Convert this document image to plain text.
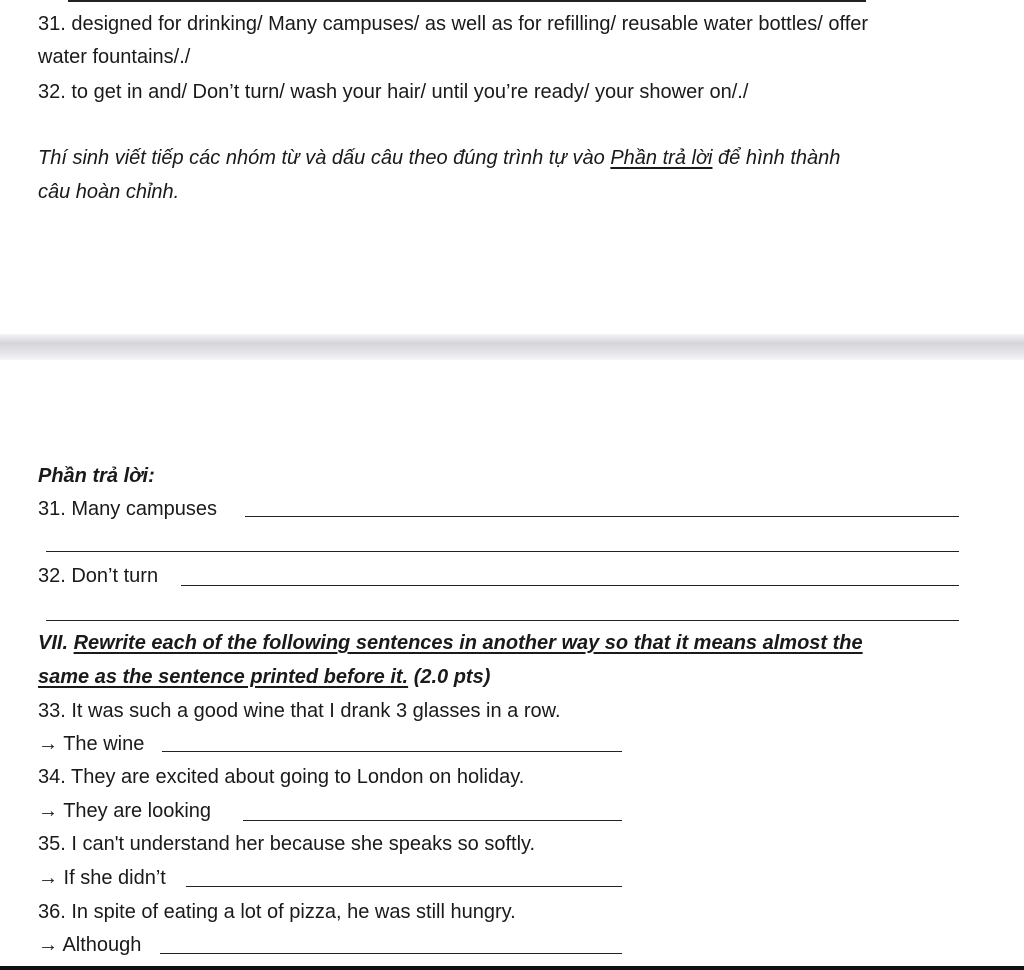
31. designed for drinking/ Many campuses/ as well as for refilling/ reusable water bottles/ offer
water fountains/./
32. to get in and/ Don’t turn/ wash your hair/ until you’re ready/ your shower on/./
Thí sinh viết tiếp các nhóm từ và dấu câu theo đúng trình tự vào Phần trả lời để hình thành
câu hoàn chỉnh.
Phần trả lời:
31. Many campuses
32. Don’t turn
VII. Rewrite each of the following sentences in another way so that it means almost the
same as the sentence printed before it. (2.0 pts)
33. It was such a good wine that I drank 3 glasses in a row.
→ The wine
34. They are excited about going to London on holiday.
→ They are looking
35. I can't understand her because she speaks so softly.
→ If she didn’t
36. In spite of eating a lot of pizza, he was still hungry.
→ Although
